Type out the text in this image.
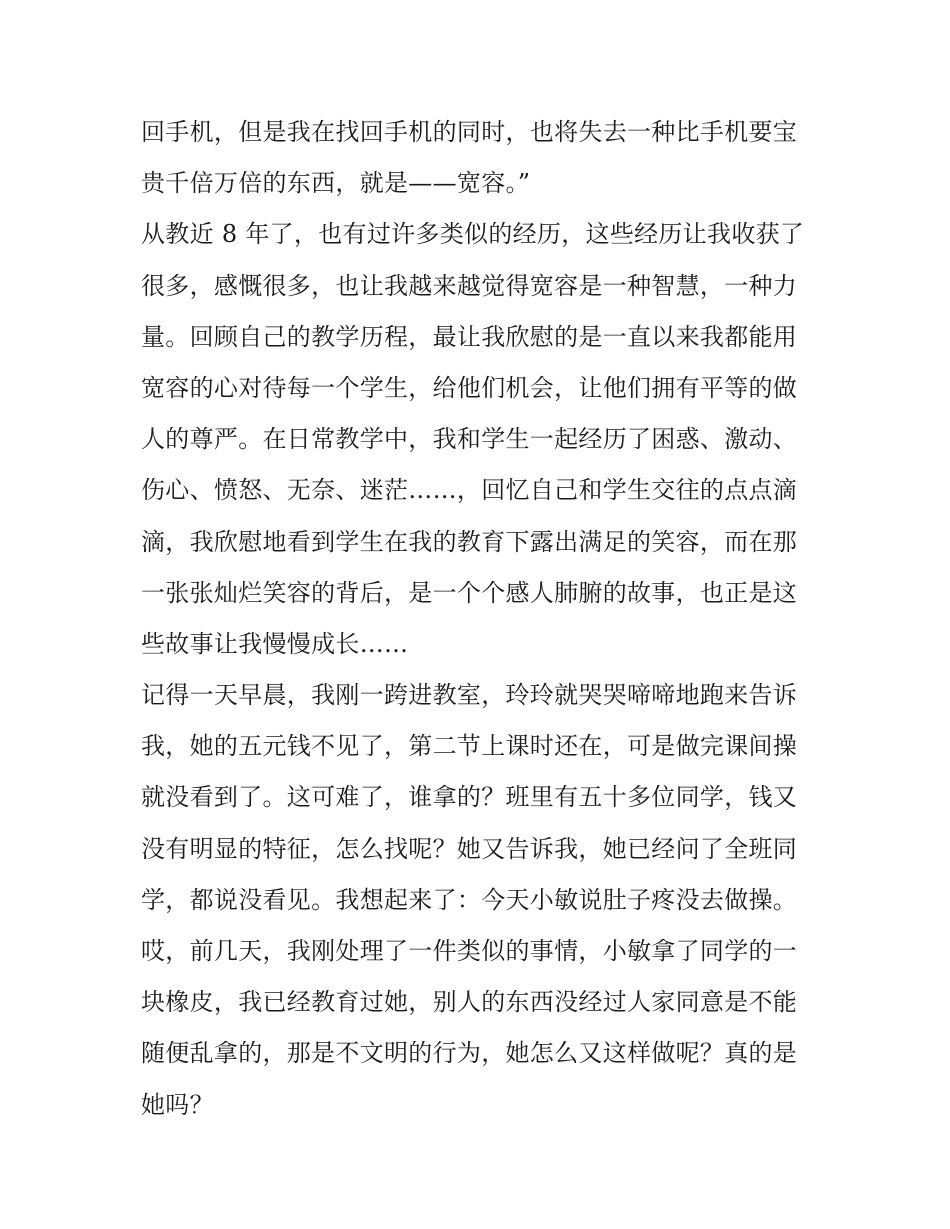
回手机，但是我在找回手机的同时，也将失去一种比手机要宝
贵千倍万倍的东西，就是——宽容。”
从教近 8 年了，也有过许多类似的经历，这些经历让我收获了
很多，感慨很多，也让我越来越觉得宽容是一种智慧，一种力
量。回顾自己的教学历程，最让我欣慰的是一直以来我都能用
宽容的心对待每一个学生，给他们机会，让他们拥有平等的做
人的尊严。在日常教学中，我和学生一起经历了困惑、激动、
伤心、愤怒、无奈、迷茫……，回忆自己和学生交往的点点滴
滴，我欣慰地看到学生在我的教育下露出满足的笑容，而在那
一张张灿烂笑容的背后，是一个个感人肺腑的故事，也正是这
些故事让我慢慢成长……
记得一天早晨，我刚一跨进教室，玲玲就哭哭啼啼地跑来告诉
我，她的五元钱不见了，第二节上课时还在，可是做完课间操
就没看到了。这可难了，谁拿的？班里有五十多位同学，钱又
没有明显的特征，怎么找呢？她又告诉我，她已经问了全班同
学，都说没看见。我想起来了：今天小敏说肚子疼没去做操。
哎，前几天，我刚处理了一件类似的事情，小敏拿了同学的一
块橡皮，我已经教育过她，别人的东西没经过人家同意是不能
随便乱拿的，那是不文明的行为，她怎么又这样做呢？真的是
她吗？
